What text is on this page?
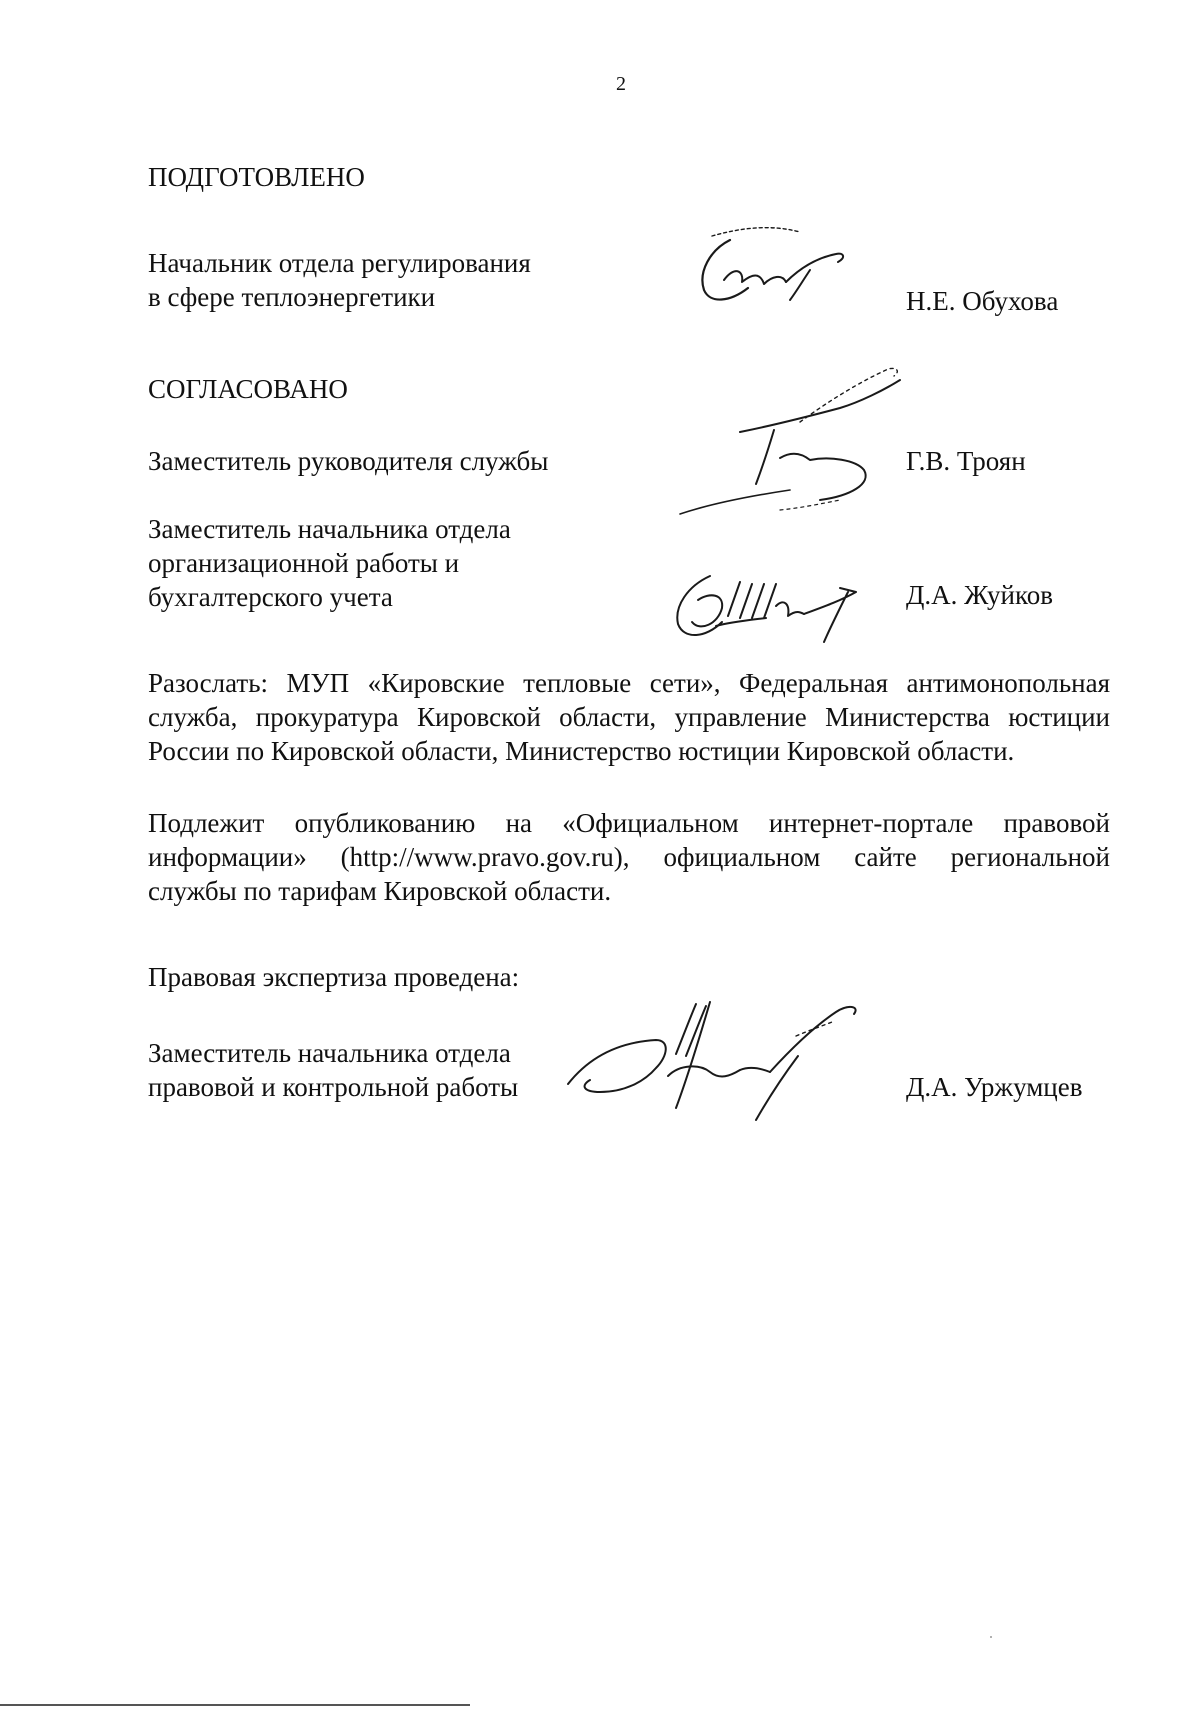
2
ПОДГОТОВЛЕНО
Начальник отдела регулирования
в сфере теплоэнергетики	Н.Е. Обухова
СОГЛАСОВАНО
Заместитель руководителя службы	Г.В. Троян
Заместитель начальника отдела
организационной работы и
бухгалтерского учета	Д.А. Жуйков
Разослать: МУП «Кировские тепловые сети», Федеральная антимонопольная
служба, прокуратура Кировской области, управление Министерства юстиции
России по Кировской области, Министерство юстиции Кировской области.
Подлежит опубликованию на «Официальном интернет-портале правовой
информации» (http://www.pravo.gov.ru), официальном сайте региональной
службы по тарифам Кировской области.
Правовая экспертиза проведена:
Заместитель начальника отдела
правовой и контрольной работы	Д.А. Уржумцев
